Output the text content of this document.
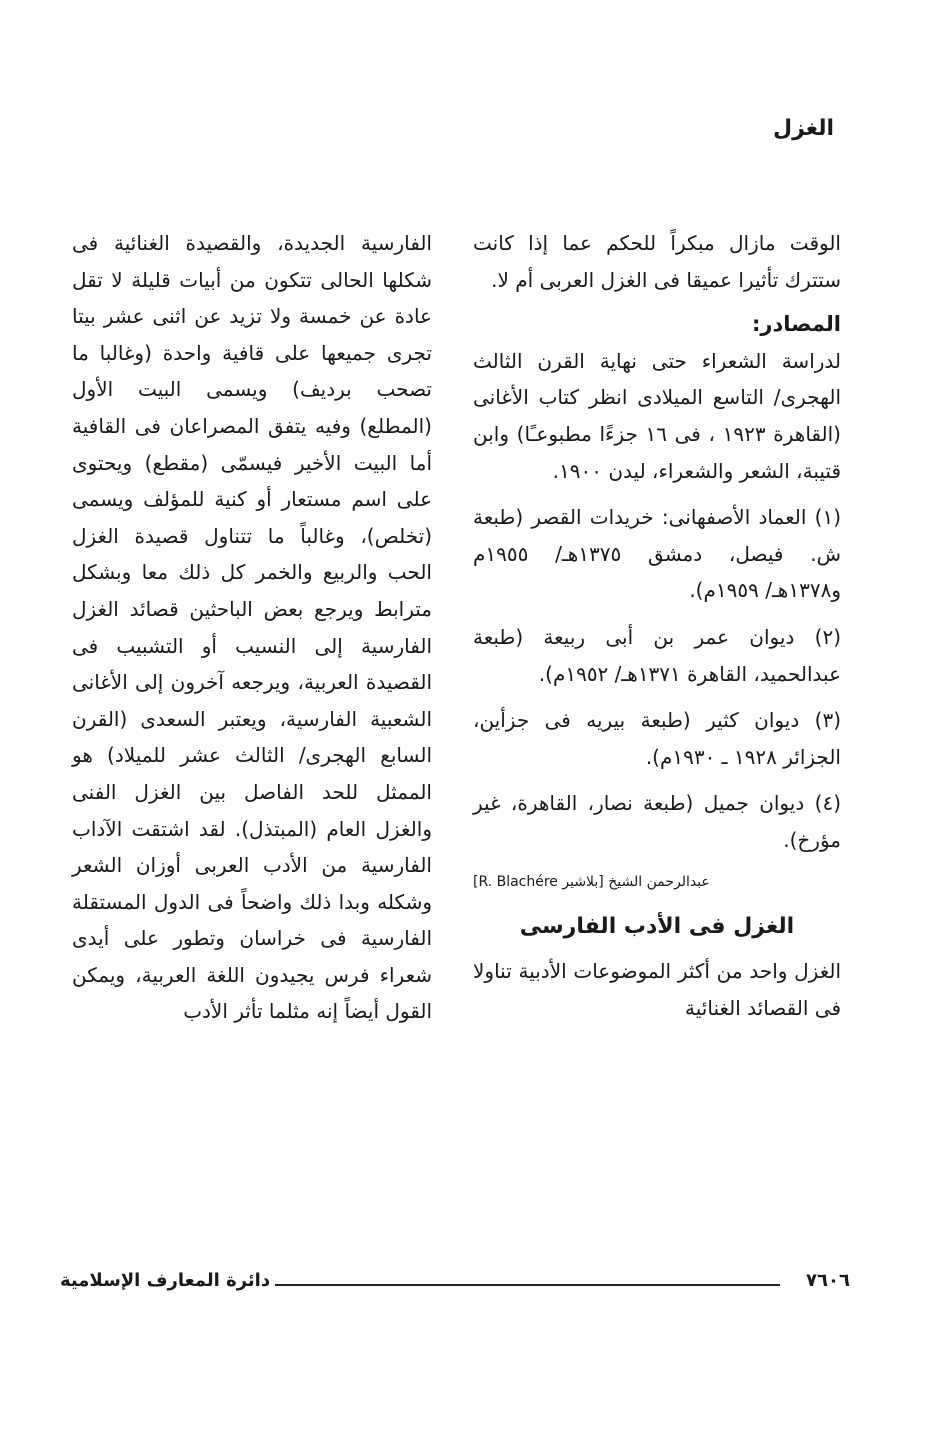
الغزل

الوقت مازال مبكراً للحكم عما إذا كانت ستترك تأثيرا عميقا فى الغزل العربى أم لا.

المصادر:

لدراسة الشعراء حتى نهاية القرن الثالث الهجرى/ التاسع الميلادى انظر كتاب الأغانى (القاهرة ١٩٢٣ ، فى ١٦ جزءًا مطبوعـًا) وابن قتيبة، الشعر والشعراء، ليدن ١٩٠٠.

(١) العماد الأصفهانى: خريدات القصر (طبعة ش. فيصل، دمشق ١٣٧٥هـ/ ١٩٥٥م و١٣٧٨هـ/ ١٩٥٩م).

(٢) ديوان عمر بن أبى ربيعة (طبعة عبدالحميد، القاهرة ١٣٧١هـ/ ١٩٥٢م).

(٣) ديوان كثير (طبعة بيريه فى جزأين، الجزائر ١٩٢٨ ـ ١٩٣٠م).

(٤) ديوان جميل (طبعة نصار، القاهرة، غير مؤرخ).

عبدالرحمن الشيخ [بلاشير R. Blachére]

الغزل فى الأدب الفارسى

الغزل واحد من أكثر الموضوعات الأدبية تناولا فى القصائد الغنائية

الفارسية الجديدة، والقصيدة الغنائية فى شكلها الحالى تتكون من أبيات قليلة لا تقل عادة عن خمسة ولا تزيد عن اثنى عشر بيتا تجرى جميعها على قافية واحدة (وغالبا ما تصحب برديف) ويسمى البيت الأول (المطلع) وفيه يتفق المصراعان فى القافية أما البيت الأخير فيسمّى (مقطع) ويحتوى على اسم مستعار أو كنية للمؤلف ويسمى (تخلص)، وغالباً ما تتناول قصيدة الغزل الحب والربيع والخمر كل ذلك معا وبشكل مترابط ويرجع بعض الباحثين قصائد الغزل الفارسية إلى النسيب أو التشبيب فى القصيدة العربية، ويرجعه آخرون إلى الأغانى الشعبية الفارسية، ويعتبر السعدى (القرن السابع الهجرى/ الثالث عشر للميلاد) هو الممثل للحد الفاصل بين الغزل الفنى والغزل العام (المبتذل). لقد اشتقت الآداب الفارسية من الأدب العربى أوزان الشعر وشكله وبدا ذلك واضحاً فى الدول المستقلة الفارسية فى خراسان وتطور على أيدى شعراء فرس يجيدون اللغة العربية، ويمكن القول أيضاً إنه مثلما تأثر الأدب

دائرة المعارف الإسلامية	٧٦٠٦
